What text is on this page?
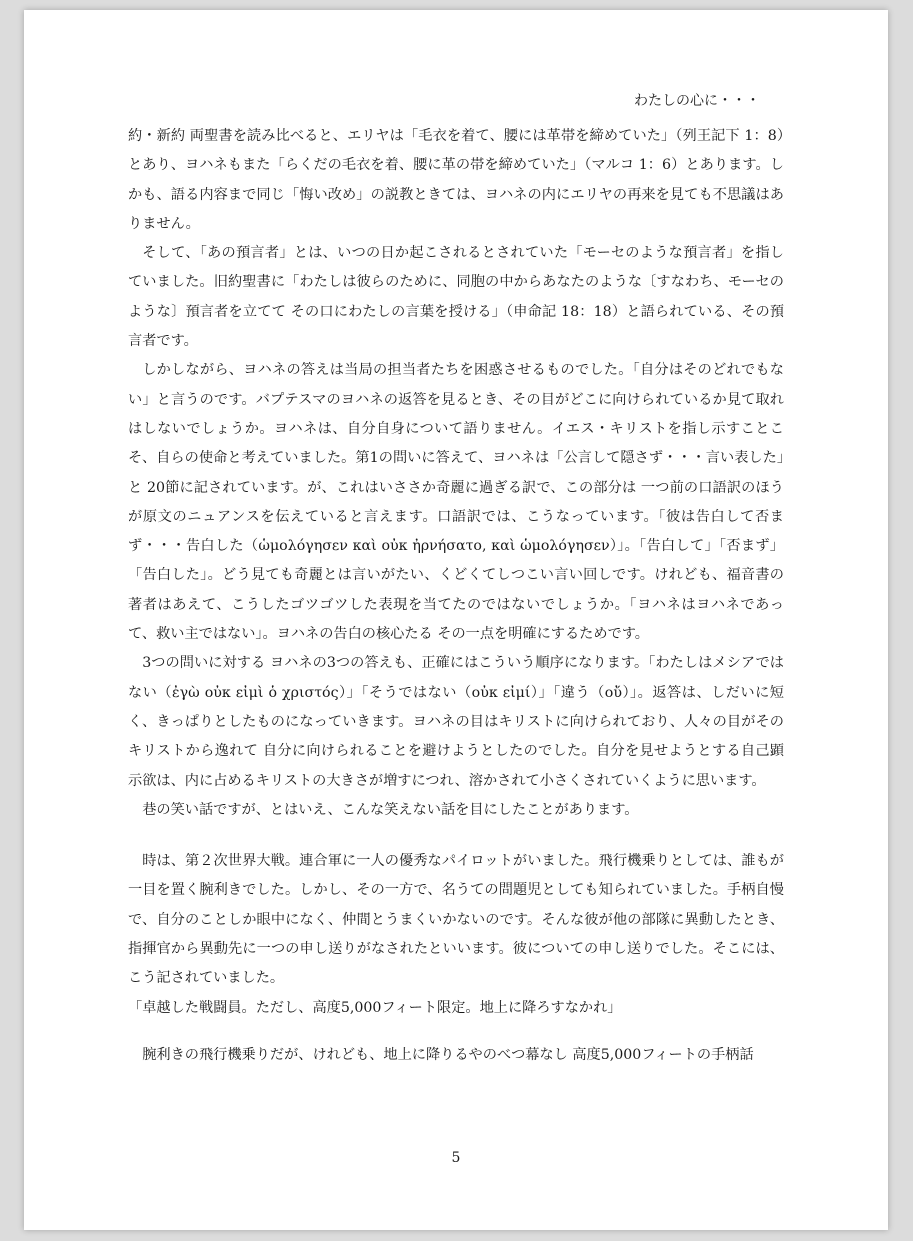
わたしの心に・・・

約・新約 両聖書を読み比べると、エリヤは「毛衣を着て、腰には革帯を締めていた」（列王記下 1：8）とあり、ヨハネもまた「らくだの毛衣を着、腰に革の帯を締めていた」（マルコ 1：6）とあります。しかも、語る内容まで同じ「悔い改め」の説教ときては、ヨハネの内にエリヤの再来を見ても不思議はありません。

そして、「あの預言者」とは、いつの日か起こされるとされていた「モーセのような預言者」を指していました。旧約聖書に「わたしは彼らのために、同胞の中からあなたのような〔すなわち、モーセのような〕預言者を立てて その口にわたしの言葉を授ける」（申命記 18：18）と語られている、その預言者です。

しかしながら、ヨハネの答えは当局の担当者たちを困惑させるものでした。「自分はそのどれでもない」と言うのです。バプテスマのヨハネの返答を見るとき、その目がどこに向けられているか見て取れはしないでしょうか。ヨハネは、自分自身について語りません。イエス・キリストを指し示すことこそ、自らの使命と考えていました。第1の問いに答えて、ヨハネは「公言して隠さず・・・言い表した」と 20節に記されています。が、これはいささか奇麗に過ぎる訳で、この部分は 一つ前の口語訳のほうが原文のニュアンスを伝えていると言えます。口語訳では、こうなっています。「彼は告白して否まず・・・告白した（ὡμολόγησεν καὶ οὐκ ἠρνήσατο, καὶ ὡμολόγησεν）」。「告白して」「否まず」「告白した」。どう見ても奇麗とは言いがたい、くどくてしつこい言い回しです。けれども、福音書の著者はあえて、こうしたゴツゴツした表現を当てたのではないでしょうか。「ヨハネはヨハネであって、救い主ではない」。ヨハネの告白の核心たる その一点を明確にするためです。

3つの問いに対する ヨハネの3つの答えも、正確にはこういう順序になります。「わたしはメシアではない（ἐγὼ οὐκ εἰμὶ ὁ χριστός）」「そうではない（οὐκ εἰμί）」「違う（οὔ）」。返答は、しだいに短く、きっぱりとしたものになっていきます。ヨハネの目はキリストに向けられており、人々の目がそのキリストから逸れて 自分に向けられることを避けようとしたのでした。自分を見せようとする自己顕示欲は、内に占めるキリストの大きさが増すにつれ、溶かされて小さくされていくように思います。

巷の笑い話ですが、とはいえ、こんな笑えない話を目にしたことがあります。

時は、第２次世界大戦。連合軍に一人の優秀なパイロットがいました。飛行機乗りとしては、誰もが一目を置く腕利きでした。しかし、その一方で、名うての問題児としても知られていました。手柄自慢で、自分のことしか眼中になく、仲間とうまくいかないのです。そんな彼が他の部隊に異動したとき、指揮官から異動先に一つの申し送りがなされたといいます。彼についての申し送りでした。そこには、こう記されていました。

「卓越した戦闘員。ただし、高度5,000フィート限定。地上に降ろすなかれ」

腕利きの飛行機乗りだが、けれども、地上に降りるやのべつ幕なし 高度5,000フィートの手柄話

5
